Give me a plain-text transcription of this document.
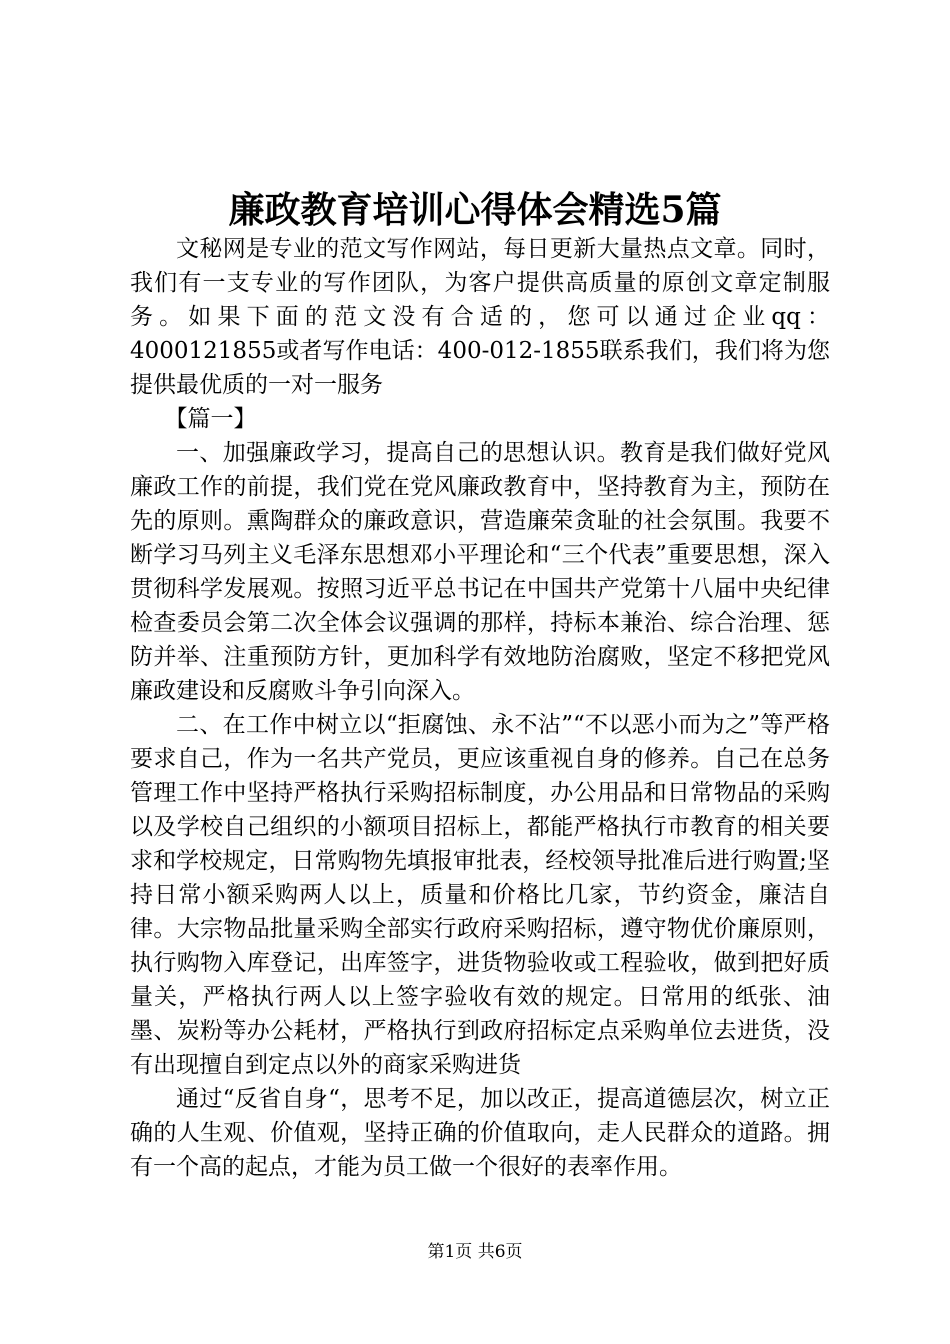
廉政教育培训心得体会精选5篇

文秘网是专业的范文写作网站，每日更新大量热点文章。同时，我们有一支专业的写作团队，为客户提供高质量的原创文章定制服务。如果下面的范文没有合适的，您可以通过企业qq：4000121855或者写作电话：400-012-1855联系我们，我们将为您提供最优质的一对一服务

【篇一】

一、加强廉政学习，提高自己的思想认识。教育是我们做好党风廉政工作的前提，我们党在党风廉政教育中，坚持教育为主，预防在先的原则。熏陶群众的廉政意识，营造廉荣贪耻的社会氛围。我要不断学习马列主义毛泽东思想邓小平理论和“三个代表”重要思想，深入贯彻科学发展观。按照习近平总书记在中国共产党第十八届中央纪律检查委员会第二次全体会议强调的那样，持标本兼治、综合治理、惩防并举、注重预防方针，更加科学有效地防治腐败，坚定不移把党风廉政建设和反腐败斗争引向深入。

二、在工作中树立以“拒腐蚀、永不沾”“不以恶小而为之”等严格要求自己，作为一名共产党员，更应该重视自身的修养。自己在总务管理工作中坚持严格执行采购招标制度，办公用品和日常物品的采购以及学校自己组织的小额项目招标上，都能严格执行市教育的相关要求和学校规定，日常购物先填报审批表，经校领导批准后进行购置;坚持日常小额采购两人以上，质量和价格比几家，节约资金，廉洁自律。大宗物品批量采购全部实行政府采购招标，遵守物优价廉原则，执行购物入库登记，出库签字，进货物验收或工程验收，做到把好质量关，严格执行两人以上签字验收有效的规定。日常用的纸张、油墨、炭粉等办公耗材，严格执行到政府招标定点采购单位去进货，没有出现擅自到定点以外的商家采购进货

通过“反省自身“，思考不足，加以改正，提高道德层次，树立正确的人生观、价值观，坚持正确的价值取向，走人民群众的道路。拥有一个高的起点，才能为员工做一个很好的表率作用。

第1页 共6页
